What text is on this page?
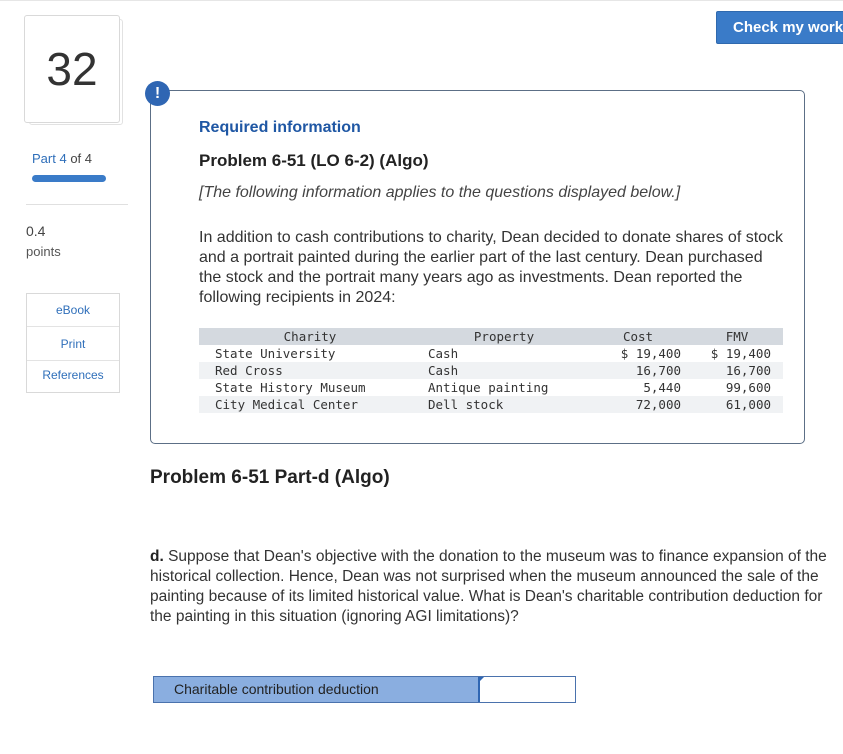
Check my work
32
Part 4 of 4
0.4
points
eBook
Print
References
!
Required information
Problem 6-51 (LO 6-2) (Algo)
[The following information applies to the questions displayed below.]
In addition to cash contributions to charity, Dean decided to donate shares of stock and a portrait painted during the earlier part of the last century. Dean purchased the stock and the portrait many years ago as investments. Dean reported the following recipients in 2024:
Charity	Property	Cost	FMV
State University	Cash	$ 19,400	$ 19,400
Red Cross	Cash	16,700	16,700
State History Museum	Antique painting	5,440	99,600
City Medical Center	Dell stock	72,000	61,000
Problem 6-51 Part-d (Algo)
d. Suppose that Dean's objective with the donation to the museum was to finance expansion of the historical collection. Hence, Dean was not surprised when the museum announced the sale of the painting because of its limited historical value. What is Dean's charitable contribution deduction for the painting in this situation (ignoring AGI limitations)?
Charitable contribution deduction
